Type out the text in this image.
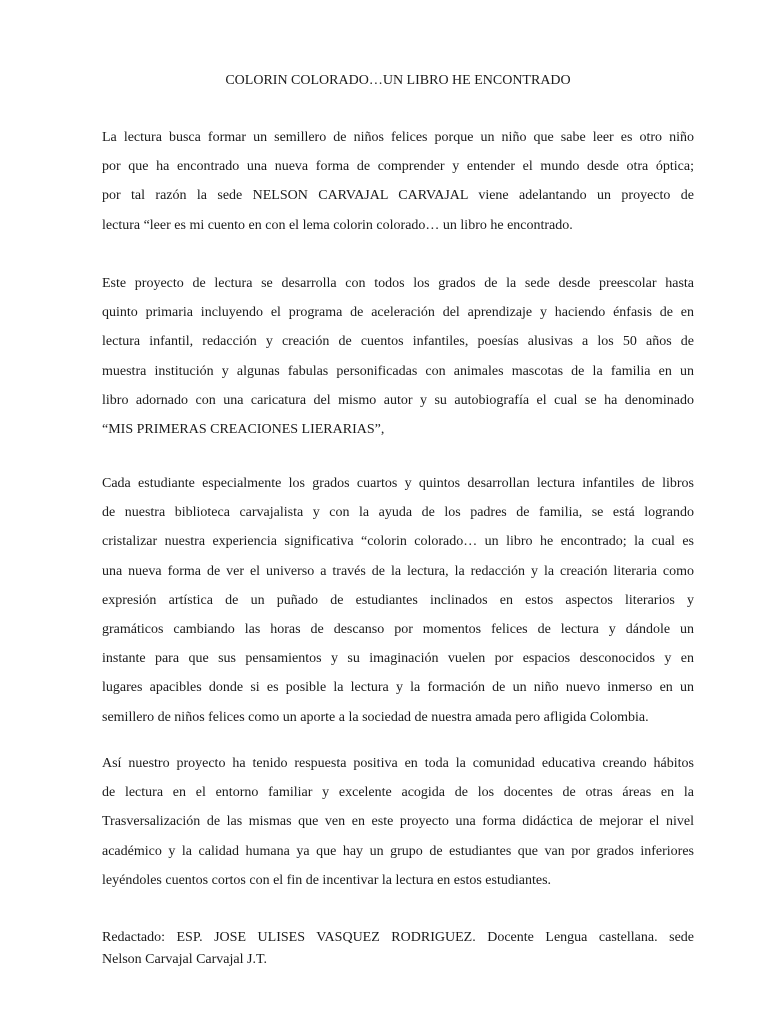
COLORIN COLORADO…UN LIBRO HE ENCONTRADO
La lectura busca formar un semillero de niños felices porque un niño que sabe leer es otro niño
por que ha encontrado una nueva forma de comprender y entender el mundo desde otra óptica;
por tal razón la sede NELSON CARVAJAL CARVAJAL viene adelantando un proyecto de
lectura “leer es mi cuento en con el lema colorin colorado… un libro he encontrado.
Este proyecto de lectura se desarrolla con todos los grados de la sede desde preescolar hasta
quinto primaria incluyendo el programa de aceleración del aprendizaje y haciendo énfasis de en
lectura infantil, redacción y creación de cuentos infantiles, poesías alusivas a los 50 años de
muestra institución y algunas fabulas personificadas con animales mascotas de la familia en un
libro adornado con una caricatura del mismo autor y su autobiografía el cual se ha denominado
“MIS PRIMERAS CREACIONES LIERARIAS”,
Cada estudiante especialmente los grados cuartos y quintos desarrollan lectura infantiles de libros
de nuestra biblioteca carvajalista y con la ayuda de los padres de familia, se está logrando
cristalizar nuestra experiencia significativa “colorin colorado… un libro he encontrado; la cual es
una nueva forma de ver el universo a través de la lectura, la redacción y la creación literaria como
expresión artística de un puñado de estudiantes inclinados en estos aspectos literarios y
gramáticos cambiando las horas de descanso por momentos felices de lectura y dándole un
instante para que sus pensamientos y su imaginación vuelen por espacios desconocidos y en
lugares apacibles donde si es posible la lectura y la formación de un niño nuevo inmerso en un
semillero de niños felices como un aporte a la sociedad de nuestra amada pero afligida Colombia.
Así nuestro proyecto ha tenido respuesta positiva en toda la comunidad educativa creando hábitos
de lectura en el entorno familiar y excelente acogida de los docentes de otras áreas en la
Trasversalización de las mismas que ven en este proyecto una forma didáctica de mejorar el nivel
académico y la calidad humana ya que hay un grupo de estudiantes que van por grados inferiores
leyéndoles cuentos cortos con el fin de incentivar la lectura en estos estudiantes.
Redactado: ESP. JOSE ULISES VASQUEZ RODRIGUEZ. Docente Lengua castellana. sede
Nelson Carvajal Carvajal J.T.
